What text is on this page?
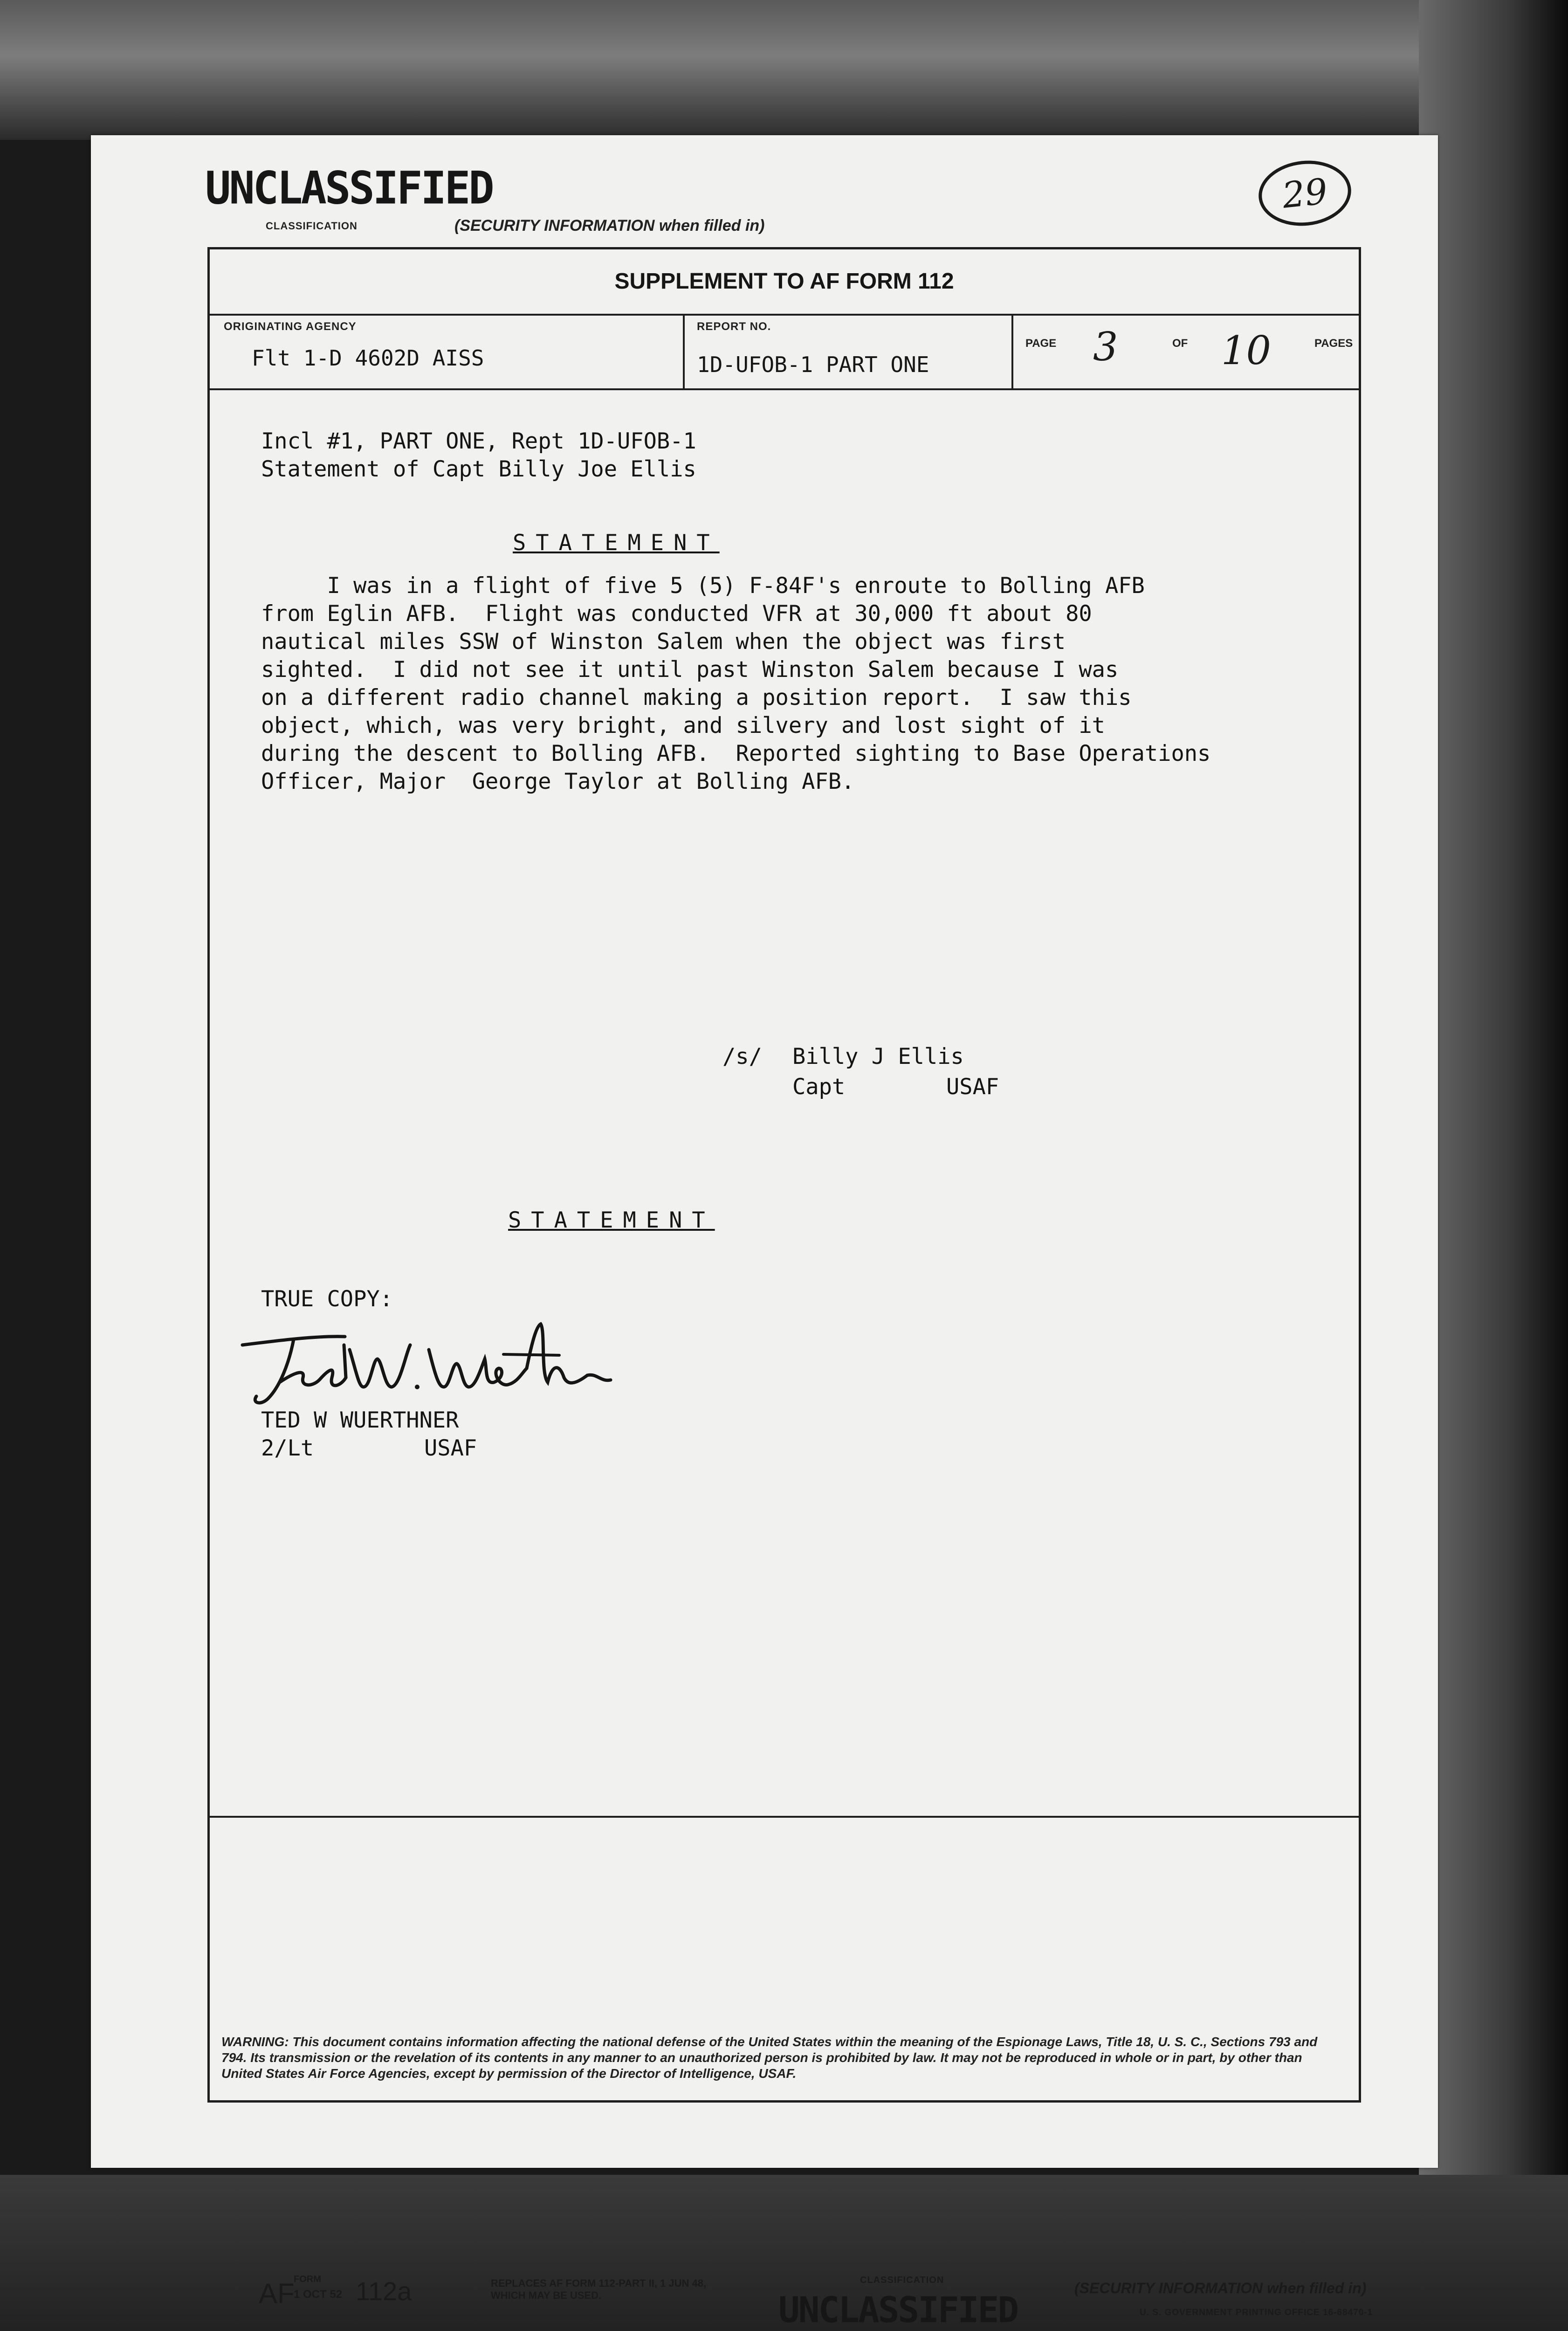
UNCLASSIFIED
CLASSIFICATION	(SECURITY INFORMATION when filled in)
29
SUPPLEMENT TO AF FORM 112
ORIGINATING AGENCY
Flt 1-D 4602D AISS
REPORT NO.
1D-UFOB-1 PART ONE
PAGE 3	OF 10	PAGES
Incl #1, PART ONE, Rept 1D-UFOB-1
Statement of Capt Billy Joe Ellis
STATEMENT
I was in a flight of five 5 (5) F-84F's enroute to Bolling AFB
from Eglin AFB.  Flight was conducted VFR at 30,000 ft about 80
nautical miles SSW of Winston Salem when the object was first
sighted.  I did not see it until past Winston Salem because I was
on a different radio channel making a position report.  I saw this
object, which, was very bright, and silvery and lost sight of it
during the descent to Bolling AFB.  Reported sighting to Base Operations
Officer, Major  George Taylor at Bolling AFB.
/s/ Billy J Ellis
Capt	USAF
STATEMENT
TRUE COPY:
TED W WUERTHNER
2/Lt	USAF
WARNING: This document contains information affecting the national defense of the United States within the meaning of the Espionage Laws, Title 18, U. S. C., Sections 793 and 794. Its transmission or the revelation of its contents in any manner to an unauthorized person is prohibited by law. It may not be reproduced in whole or in part, by other than United States Air Force Agencies, except by permission of the Director of Intelligence, USAF.
AF
FORM
1 OCT 52 112a	REPLACES AF FORM 112-PART II, 1 JUN 48,
WHICH MAY BE USED.
CLASSIFICATION
UNCLASSIFIED
(SECURITY INFORMATION when filled in)
U. S. GOVERNMENT PRINTING OFFICE 16-68470-1
